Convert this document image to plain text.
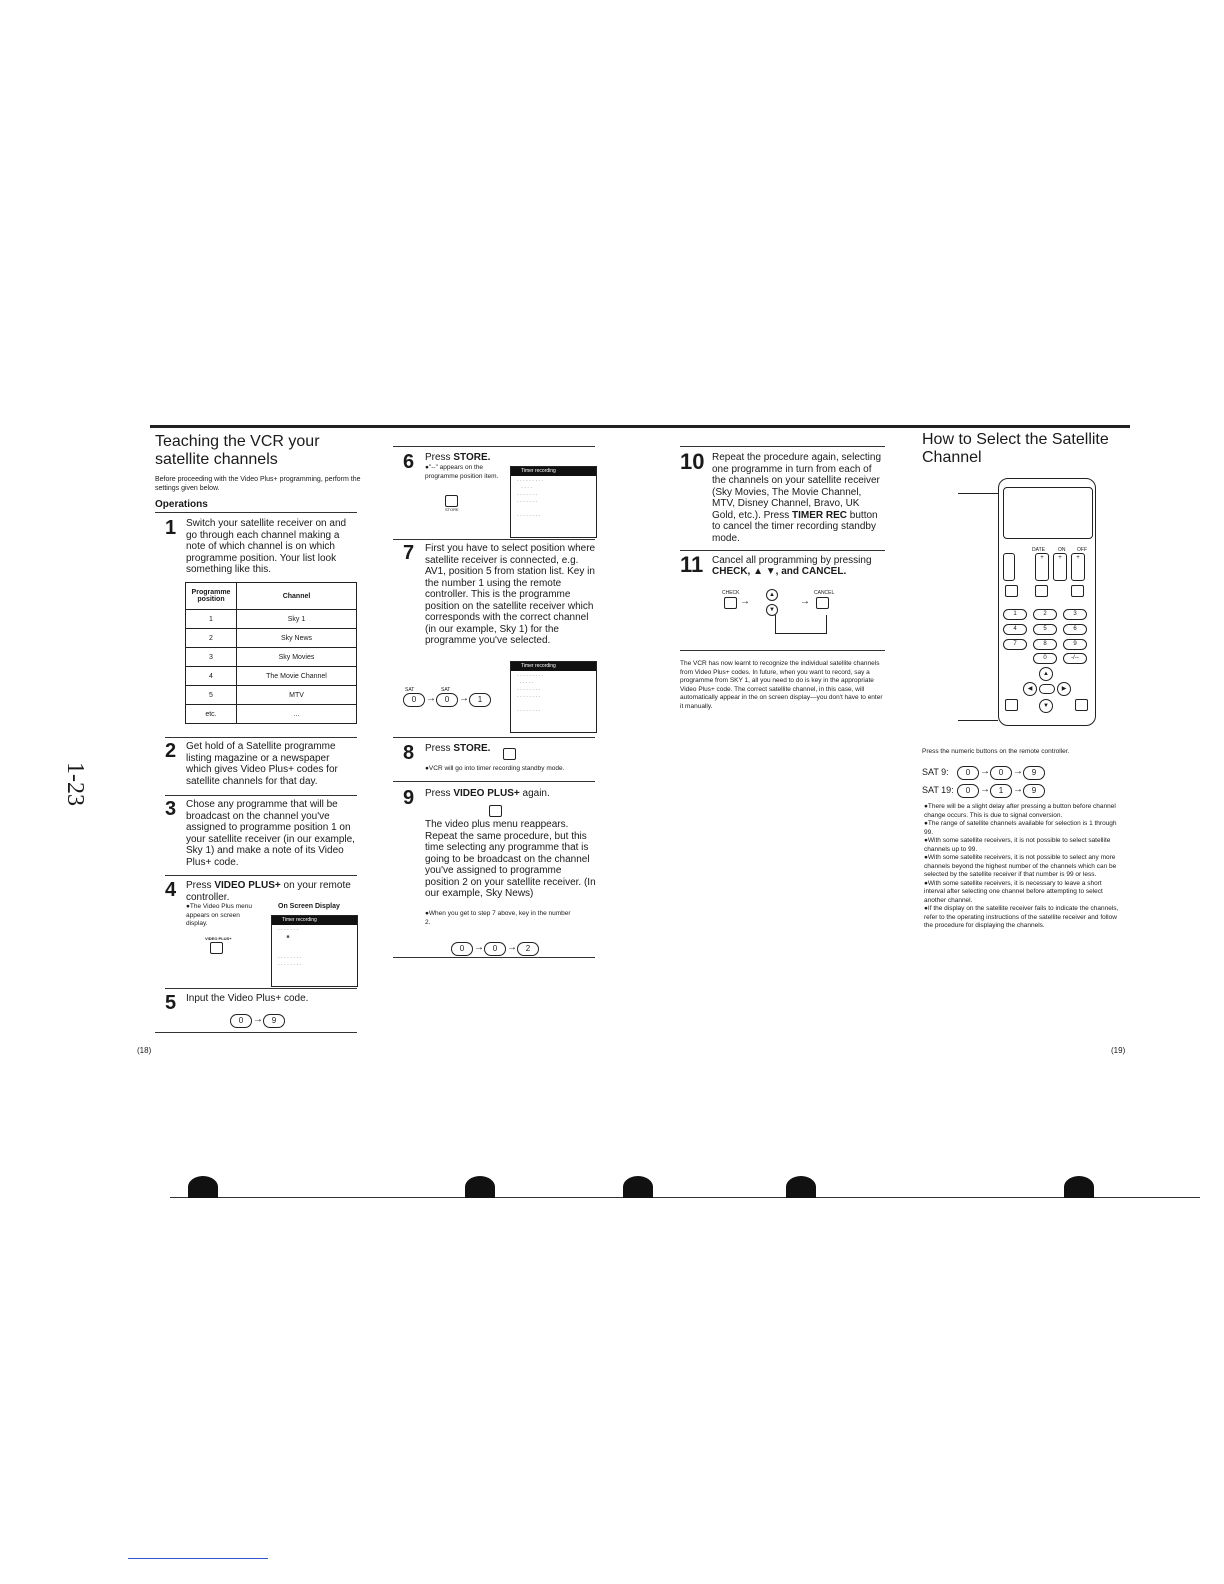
Teaching the VCR your
satellite channels
Before proceeding with the Video Plus+ programming, perform the settings given below.
Operations
1 Switch your satellite receiver on and go through each channel making a note of which channel is on which programme position. Your list look something like this.
Programme position	Channel
1	Sky 1
2	Sky News
3	Sky Movies
4	The Movie Channel
5	MTV
etc.	...
2 Get hold of a Satellite programme listing magazine or a newspaper which gives Video Plus+ codes for satellite channels for that day.
3 Chose any programme that will be broadcast on the channel you've assigned to programme position 1 on your satellite receiver (in our example, Sky 1) and make a note of its Video Plus+ code.
4 Press VIDEO PLUS+ on your remote controller.
●The Video Plus menu appears on screen display.
On Screen Display
VIDEO PLUS+
Timer recording
· · · · · · ·
■

· · · · · · · ·
· · · · · · · ·
5 Input the Video Plus+ code.
0 →	9
(18)
1-23
6 Press STORE.
●"--" appears on the programme position item.
STORE
Timer recording
· · · · · · · · ·
· · · ·
· · · · · · ·
· · · · · · ·

· · · · · · · ·
7 First you have to select position where satellite receiver is connected, e.g. AV1, position 5 from station list. Key in the number 1 using the remote controller. This is the programme position on the satellite receiver which corresponds with the correct channel (in our example, Sky 1) for the programme you've selected.
SAT
0 →
SAT
0 →	1
Timer recording
· · · · · · · · ·
· · · · ·
· · · · · · · ·
· · · · · · · ·

· · · · · · · ·
8 Press STORE.
●VCR will go into timer recording standby mode.
9 Press VIDEO PLUS+ again.
The video plus menu reappears. Repeat the same procedure, but this time selecting any programme that is going to be broadcast on the channel you've assigned to programme position 2 on your satellite receiver. (In our example, Sky News)
●When you get to step 7 above, key in the number 2.
0 →	0 →	2
10 Repeat the procedure again, selecting one programme in turn from each of the channels on your satellite receiver (Sky Movies, The Movie Channel, MTV, Disney Channel, Bravo, UK Gold, etc.). Press TIMER REC button to cancel the timer recording standby mode.
11 Cancel all programming by pressing
CHECK, ▲ ▼, and CANCEL.
CHECK
→
▲
▼
CANCEL
→
The VCR has now learnt to recognize the individual satellite channels from Video Plus+ codes. In future, when you want to record, say a programme from SKY 1, all you need to do is key in the appropriate Video Plus+ code. The correct satellite channel, in this case, will automatically appear in the on screen display—you don't have to enter it manually.
How to Select the Satellite
Channel
DATE	ON OFF
+	+	+
1	2	3
4	5	6
7	8	9
0	-/--
▲
◀	▶
▼
Press the numeric buttons on the remote controller.
SAT 9:	0 →	0 →	9
SAT 19:	0 →	1 →	9
●There will be a slight delay after pressing a button before channel change occurs. This is due to signal conversion.
●The range of satellite channels available for selection is 1 through 99.
●With some satellite receivers, it is not possible to select satellite channels up to 99.
●With some satellite receivers, it is not possible to select any more channels beyond the highest number of the channels which can be selected by the satellite receiver if that number is 99 or less.
●With some satellite receivers, it is necessary to leave a short interval after selecting one channel before attempting to select another channel.
●If the display on the satellite receiver fails to indicate the channels, refer to the operating instructions of the satellite receiver and follow the procedure for displaying the channels.
(19)
